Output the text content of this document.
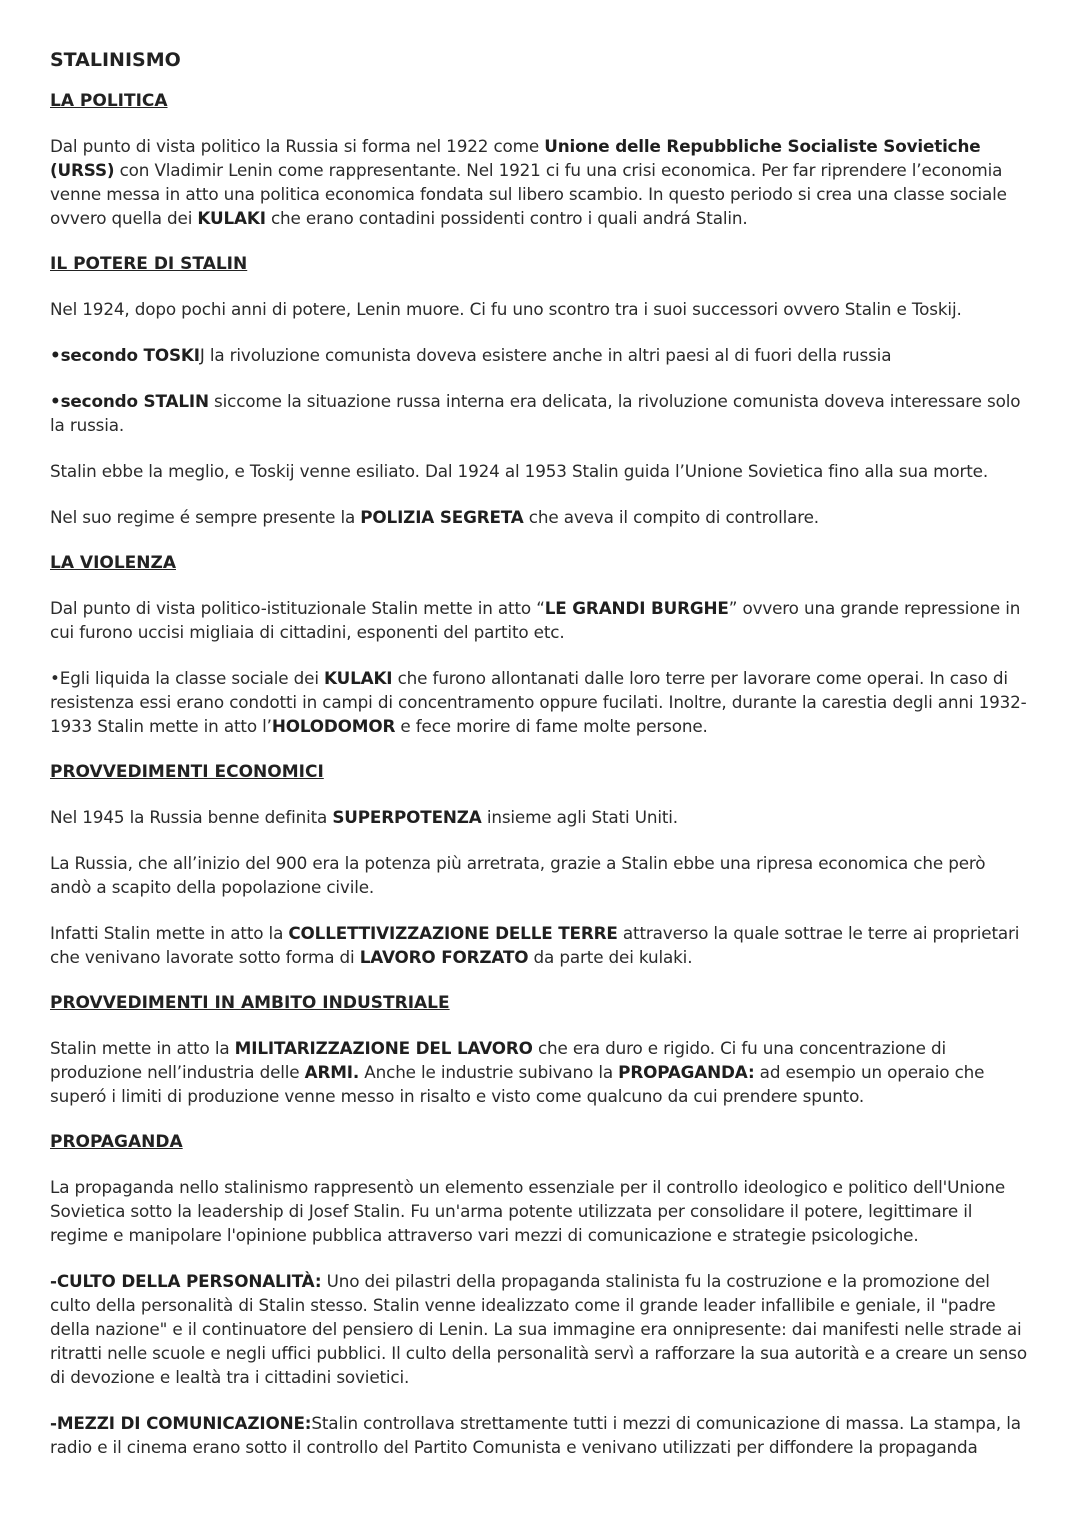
STALINISMO
LA POLITICA

Dal punto di vista politico la Russia si forma nel 1922 come Unione delle Repubbliche Socialiste Sovietiche (URSS) con Vladimir Lenin come rappresentante. Nel 1921 ci fu una crisi economica. Per far riprendere l’economia venne messa in atto una politica economica fondata sul libero scambio. In questo periodo si crea una classe sociale ovvero quella dei KULAKI che erano contadini possidenti contro i quali andrá Stalin.

IL POTERE DI STALIN

Nel 1924, dopo pochi anni di potere, Lenin muore. Ci fu uno scontro tra i suoi successori ovvero Stalin e Toskij.

•secondo TOSKIJ la rivoluzione comunista doveva esistere anche in altri paesi al di fuori della russia

•secondo STALIN siccome la situazione russa interna era delicata, la rivoluzione comunista doveva interessare solo la russia.

Stalin ebbe la meglio, e Toskij venne esiliato. Dal 1924 al 1953 Stalin guida l’Unione Sovietica fino alla sua morte.

Nel suo regime é sempre presente la POLIZIA SEGRETA che aveva il compito di controllare.

LA VIOLENZA

Dal punto di vista politico-istituzionale Stalin mette in atto “LE GRANDI BURGHE” ovvero una grande repressione in cui furono uccisi migliaia di cittadini, esponenti del partito etc.

•Egli liquida la classe sociale dei KULAKI che furono allontanati dalle loro terre per lavorare come operai. In caso di resistenza essi erano condotti in campi di concentramento oppure fucilati. Inoltre, durante la carestia degli anni 1932-1933 Stalin mette in atto l’HOLODOMOR e fece morire di fame molte persone.

PROVVEDIMENTI ECONOMICI

Nel 1945 la Russia benne definita SUPERPOTENZA insieme agli Stati Uniti.

La Russia, che all’inizio del 900 era la potenza più arretrata, grazie a Stalin ebbe una ripresa economica che però andò a scapito della popolazione civile.

Infatti Stalin mette in atto la COLLETTIVIZZAZIONE DELLE TERRE attraverso la quale sottrae le terre ai proprietari che venivano lavorate sotto forma di LAVORO FORZATO da parte dei kulaki.

PROVVEDIMENTI IN AMBITO INDUSTRIALE

Stalin mette in atto la MILITARIZZAZIONE DEL LAVORO che era duro e rigido. Ci fu una concentrazione di produzione nell’industria delle ARMI. Anche le industrie subivano la PROPAGANDA: ad esempio un operaio che superó i limiti di produzione venne messo in risalto e visto come qualcuno da cui prendere spunto.

PROPAGANDA

La propaganda nello stalinismo rappresentò un elemento essenziale per il controllo ideologico e politico dell'Unione Sovietica sotto la leadership di Josef Stalin. Fu un'arma potente utilizzata per consolidare il potere, legittimare il regime e manipolare l'opinione pubblica attraverso vari mezzi di comunicazione e strategie psicologiche.

-CULTO DELLA PERSONALITÀ: Uno dei pilastri della propaganda stalinista fu la costruzione e la promozione del culto della personalità di Stalin stesso. Stalin venne idealizzato come il grande leader infallibile e geniale, il "padre della nazione" e il continuatore del pensiero di Lenin. La sua immagine era onnipresente: dai manifesti nelle strade ai ritratti nelle scuole e negli uffici pubblici. Il culto della personalità servì a rafforzare la sua autorità e a creare un senso di devozione e lealtà tra i cittadini sovietici.

-MEZZI DI COMUNICAZIONE:Stalin controllava strettamente tutti i mezzi di comunicazione di massa. La stampa, la radio e il cinema erano sotto il controllo del Partito Comunista e venivano utilizzati per diffondere la propaganda
